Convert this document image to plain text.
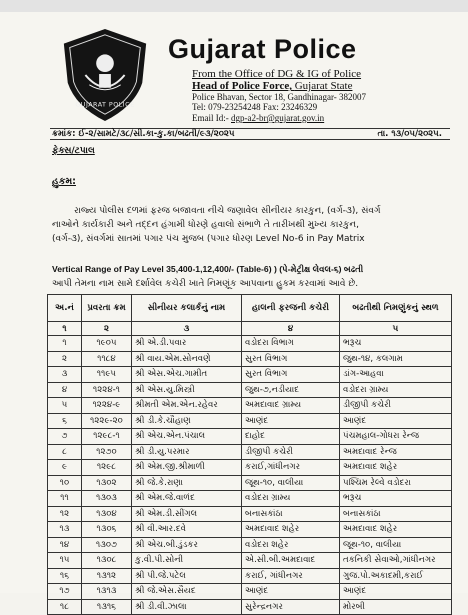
GUJARAT POLICE
Gujarat Police
From the Office of DG & IG of Police
Head of Police Force, Gujarat State
Police Bhavan, Sector 18, Gandhinagar- 382007
Tel: 079-23254248 Fax: 23246329
Email Id:- dgp-a2-br@gujarat.gov.in
ક્રમાંક: ઈ-૨/સામટે/૩૮/સી.કા-કુ.કા/બઢતી/૯૩/૨૦૨૫	તા. ૧૩/૦૫/૨૦૨૫.
ફેક્સ/ટપાલ
હુકમ:
રાજ્ય પોલીસ દળમાં ફરજ બજાવતા નીચે જણાવેલ સીનીયર કારકુન, (વર્ગ-૩), સંવર્ગ
નાઓને કાર્યકારી અને તદ્દન હંગામી ધોરણે હવાલો સંભાળે તે તારીખથી મુખ્ય કારકુન,
(વર્ગ-૩), સંવર્ગમાં સાતમાં પગાર પંચ મુજબ (પગાર ધોરણ Level No-6 in Pay Matrix
Vertical Range of Pay Level 35,400-1,12,400/- (Table-6) ) (પે-મેટ્રીક્ષ લેવલ-૬) બઢતી
આપી તેમના નામ સામે દર્શાવેલ કચેરી ખાતે નિમણૂંક આપવાના હુકમ કરવામાં આવે છે.
અ.નં	પ્રવરતા ક્રમ	સીનીયર કલાર્કનું નામ	હાલની ફરજની કચેરી	બઢતીથી નિમણુંકનું સ્થળ
૧	૨	૩	૪	૫
૧	૧૯૦૫	શ્રી એ.ડી.પવાર	વડોદરા વિભાગ	ભરૂચ
૨	૧૧૮૪	શ્રી વાય.એમ.સોનવણે	સુરત વિભાગ	જુથ-૧૪, કલગામ
૩	૧૧૯૫	શ્રી એસ.એચ.ગામીત	સુરત વિભાગ	ડાંગ-આહવા
૪	૧૨૨૪-૧	શ્રી એસ.યુ.મિસ્ત્રી	જુથ-૭,નડીયાદ	વડોદરા ગ્રામ્ય
૫	૧૨૨૪-૯	શ્રીમતી એમ.એન.રહેવર	અમદાવાદ ગ્રામ્ય	ડીજીપી કચેરી
૬	૧૨૨૯-૨૦	શ્રી ડી.કે.ચૌહાણ	આણંદ	આણંદ
૭	૧૨૯૮-૧	શ્રી એચ.એન.પંચાલ	દાહોદ	પંચમહાલ-ગોધરા રેન્જ
૮	૧૨૭૦	શ્રી ડી.યુ.પરમાર	ડીજીપી કચેરી	અમદાવાદ રેન્જ
૯	૧૨૯૮	શ્રી એમ.જી.શ્રીમાળી	કરાઈ,ગાંધીનગર	અમદાવાદ શહેર
૧૦	૧૩૦૨	શ્રી જે.કે.રાણા	જૂથ-૧૦, વાલીયા	પશ્ચિમ રેલ્વે વડોદરા
૧૧	૧૩૦૩	શ્રી એમ.જે.વાળંદ	વડોદરા ગ્રામ્ય	ભરૂચ
૧૨	૧૩૦૪	શ્રી એમ.ડી.સીંગલ	બનાસકાંઠા	બનાસકાંઠા
૧૩	૧૩૦૬	શ્રી વી.આર.દવે	અમદાવાદ શહેર	અમદાવાદ શહેર
૧૪	૧૩૦૭	શ્રી એચ.બી.ડુંડકર	વડોદરા શહેર	જૂથ-૧૦, વાલીયા
૧૫	૧૩૦૮	કુ.વી.પી.સોની	એ.સી.બી.અમદાવાદ	તકનિકી સેવાઓ,ગાંધીનગર
૧૬	૧૩૧૨	શ્રી પી.જે.પટેલ	કરાઈ, ગાંધીનગર	ગુજ.પો.અકાદમી,કરાઈ
૧૭	૧૩૧૩	શ્રી જે.એસ.સૈયદ	આણંદ	આણંદ
૧૮	૧૩૧૬	શ્રી ડી.વી.ઝાલા	સુરેન્દ્રનગર	મોરબી
